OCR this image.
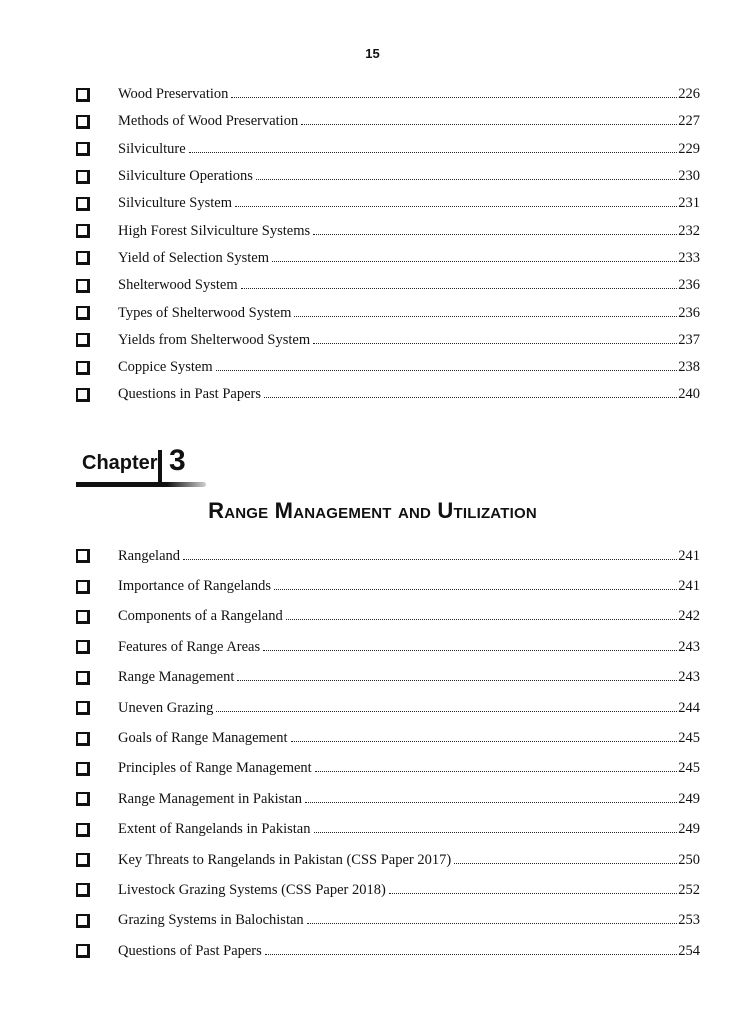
15
Wood Preservation	226
Methods of Wood Preservation	227
Silviculture	229
Silviculture Operations	230
Silviculture System	231
High Forest Silviculture Systems	232
Yield of Selection System	233
Shelterwood System	236
Types of Shelterwood System	236
Yields from Shelterwood System	237
Coppice System	238
Questions in Past Papers	240
Chapter 3
Range Management and Utilization
Rangeland	241
Importance of Rangelands	241
Components of a Rangeland	242
Features of Range Areas	243
Range Management	243
Uneven Grazing	244
Goals of Range Management	245
Principles of Range Management	245
Range Management in Pakistan	249
Extent of Rangelands in Pakistan	249
Key Threats to Rangelands in Pakistan (CSS Paper 2017)	250
Livestock Grazing Systems (CSS Paper 2018)	252
Grazing Systems in Balochistan	253
Questions of Past Papers	254
